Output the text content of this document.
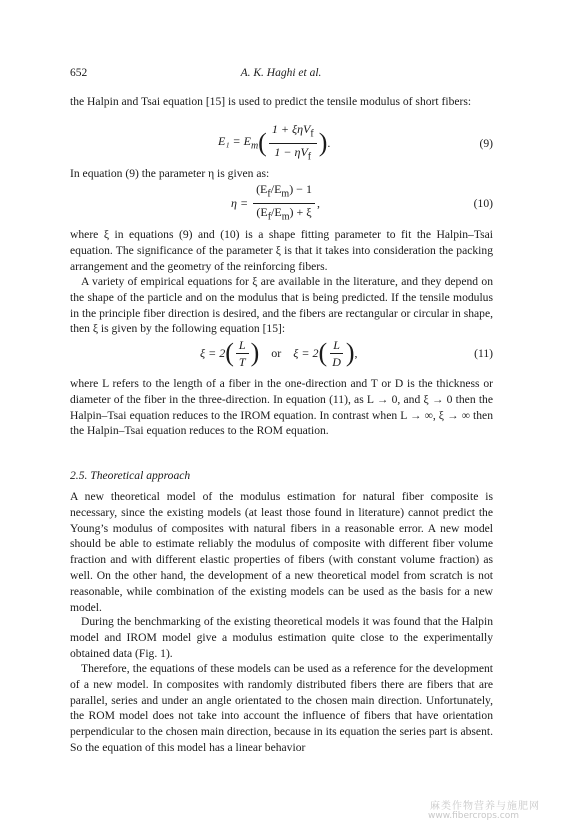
652	A. K. Haghi et al.

the Halpin and Tsai equation [15] is used to predict the tensile modulus of short fibers:

$E_1 = E_m$ ( $\frac{1 + \xi\eta V_f}{1 - \eta V_f}$ ) .	(9)

In equation (9) the parameter η is given as:

$\eta = \frac{(E_f/E_m) - 1}{(E_f/E_m) + \xi}$ ,	(10)

where ξ in equations (9) and (10) is a shape fitting parameter to fit the Halpin–Tsai equation. The significance of the parameter ξ is that it takes into consideration the packing arrangement and the geometry of the reinforcing fibers.

A variety of empirical equations for ξ are available in the literature, and they depend on the shape of the particle and on the modulus that is being predicted. If the tensile modulus in the principle fiber direction is desired, and the fibers are rectangular or circular in shape, then ξ is given by the following equation [15]:

ξ = 2 ( $\frac{L}{T}$ ) or ξ = 2 ( $\frac{L}{D}$ ) ,	(11)

where L refers to the length of a fiber in the one-direction and T or D is the thickness or diameter of the fiber in the three-direction. In equation (11), as L → 0, and ξ → 0 then the Halpin–Tsai equation reduces to the IROM equation. In contrast when L → ∞, ξ → ∞ then the Halpin–Tsai equation reduces to the ROM equation.

2.5. Theoretical approach

A new theoretical model of the modulus estimation for natural fiber composite is necessary, since the existing models (at least those found in literature) cannot predict the Young’s modulus of composites with natural fibers in a reasonable error. A new model should be able to estimate reliably the modulus of composite with different fiber volume fraction and with different elastic properties of fibers (with constant volume fraction) as well. On the other hand, the development of a new theoretical model from scratch is not reasonable, while combination of the existing models can be used as the basis for a new model.

During the benchmarking of the existing theoretical models it was found that the Halpin model and IROM model give a modulus estimation quite close to the experimentally obtained data (Fig. 1).

Therefore, the equations of these models can be used as a reference for the development of a new model. In composites with randomly distributed fibers there are fibers that are parallel, series and under an angle orientated to the chosen main direction. Unfortunately, the ROM model does not take into account the influence of fibers that have orientation perpendicular to the chosen main direction, because in its equation the series part is absent. So the equation of this model has a linear behavior

麻类作物营养与施肥网
www.fibercrops.com
